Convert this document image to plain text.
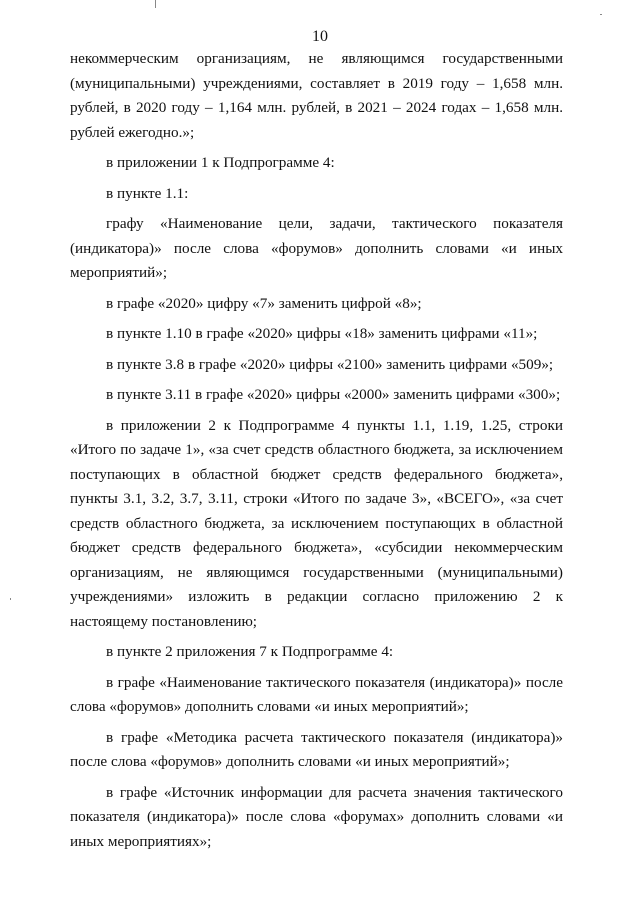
10

некоммерческим организациям, не являющимся государственными (муниципальными) учреждениями, составляет в 2019 году – 1,658 млн. рублей, в 2020 году – 1,164 млн. рублей, в 2021 – 2024 годах – 1,658 млн. рублей ежегодно.»;

в приложении 1 к Подпрограмме 4:

в пункте 1.1:

графу «Наименование цели, задачи, тактического показателя (индикатора)» после слова «форумов» дополнить словами «и иных мероприятий»;

в графе «2020» цифру «7» заменить цифрой «8»;

в пункте 1.10 в графе «2020» цифры «18» заменить цифрами «11»;

в пункте 3.8 в графе «2020» цифры «2100» заменить цифрами «509»;

в пункте 3.11 в графе «2020» цифры «2000» заменить цифрами «300»;

в приложении 2 к Подпрограмме 4 пункты 1.1, 1.19, 1.25, строки «Итого по задаче 1», «за счет средств областного бюджета, за исключением поступающих в областной бюджет средств федерального бюджета», пункты 3.1, 3.2, 3.7, 3.11, строки «Итого по задаче 3», «ВСЕГО», «за счет средств областного бюджета, за исключением поступающих в областной бюджет средств федерального бюджета», «субсидии некоммерческим организациям, не являющимся государственными (муниципальными) учреждениями» изложить в редакции согласно приложению 2 к настоящему постановлению;

в пункте 2 приложения 7 к Подпрограмме 4:

в графе «Наименование тактического показателя (индикатора)» после слова «форумов» дополнить словами «и иных мероприятий»;

в графе «Методика расчета тактического показателя (индикатора)» после слова «форумов» дополнить словами «и иных мероприятий»;

в графе «Источник информации для расчета значения тактического показателя (индикатора)» после слова «форумах» дополнить словами «и иных мероприятиях»;
